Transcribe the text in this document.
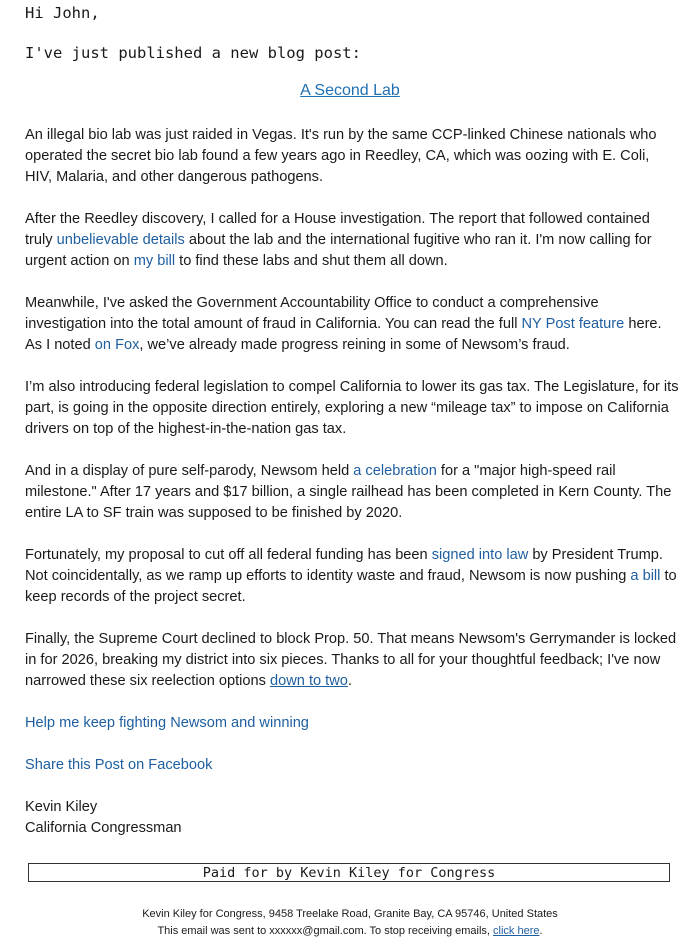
Hi John,
I've just published a new blog post:
A Second Lab

An illegal bio lab was just raided in Vegas. It's run by the same CCP-linked Chinese nationals who operated the secret bio lab found a few years ago in Reedley, CA, which was oozing with E. Coli, HIV, Malaria, and other dangerous pathogens.

After the Reedley discovery, I called for a House investigation. The report that followed contained truly unbelievable details about the lab and the international fugitive who ran it. I'm now calling for urgent action on my bill to find these labs and shut them all down.

Meanwhile, I've asked the Government Accountability Office to conduct a comprehensive investigation into the total amount of fraud in California. You can read the full NY Post feature here. As I noted on Fox, we’ve already made progress reining in some of Newsom’s fraud.

I’m also introducing federal legislation to compel California to lower its gas tax. The Legislature, for its part, is going in the opposite direction entirely, exploring a new “mileage tax” to impose on California drivers on top of the highest-in-the-nation gas tax.

And in a display of pure self-parody, Newsom held a celebration for a "major high-speed rail milestone." After 17 years and $17 billion, a single railhead has been completed in Kern County. The entire LA to SF train was supposed to be finished by 2020.

Fortunately, my proposal to cut off all federal funding has been signed into law by President Trump. Not coincidentally, as we ramp up efforts to identity waste and fraud, Newsom is now pushing a bill to keep records of the project secret.

Finally, the Supreme Court declined to block Prop. 50. That means Newsom's Gerrymander is locked in for 2026, breaking my district into six pieces. Thanks to all for your thoughtful feedback; I've now narrowed these six reelection options down to two.

Help me keep fighting Newsom and winning

Share this Post on Facebook

Kevin Kiley

California Congressman

Paid for by Kevin Kiley for Congress
Kevin Kiley for Congress, 9458 Treelake Road, Granite Bay, CA 95746, United States
This email was sent to xxxxxx@gmail.com. To stop receiving emails, click here.
